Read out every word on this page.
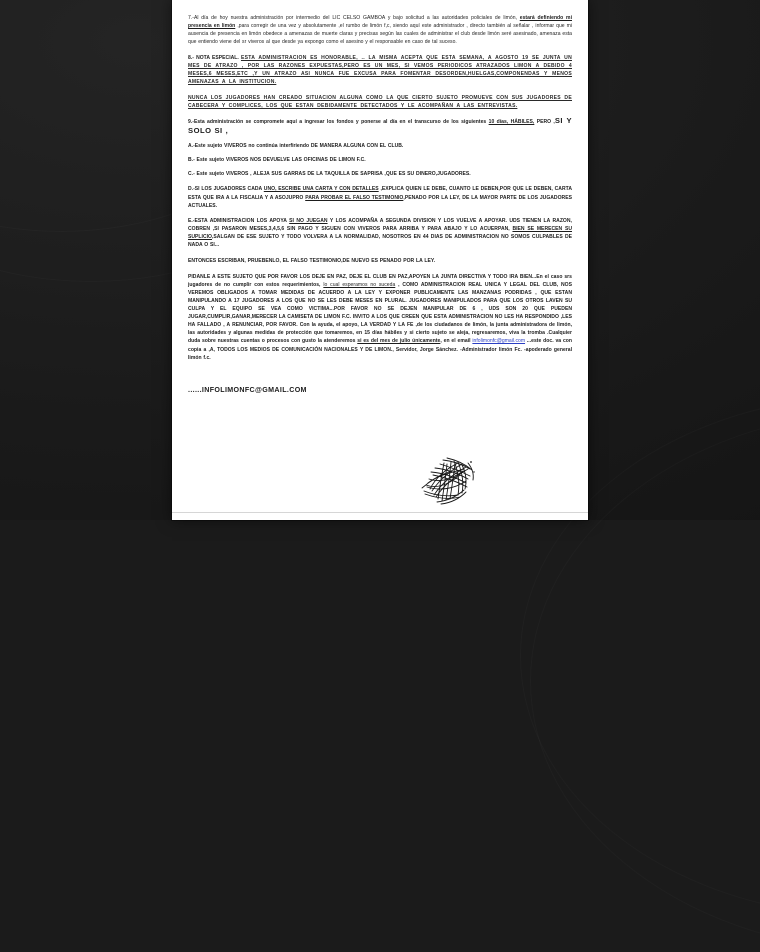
7.-Al día de hoy nuestra administración por intermedio del LIC CELSO GAMBOA y bajo solicitud a las autoridades policiales de limón, estará definiendo mi presencia en limón ,para corregir de una vez y absolutamente ,el rumbo de limón f,c, siendo aquí este administrador , directo también al señalar , informar que mi ausencia de presencia en limón obedece a amenazas de muerte claras y precisas según las cuales de administrar el club desde limón seré asesinado, amenaza esta que entiendo viene del sr viveros al que desde ya expongo como el asesino y el responsable en caso de tal suceso.

8.- NOTA ESPECIAL. ESTA ADMINISTRACION ES HONORABLE, .. LA MISMA ACEPTA QUE ESTA SEMANA, A AGOSTO 19 SE JUNTA UN MES DE ATRAZO , POR LAS RAZONES EXPUESTAS,PERO ES UN MES, SI VEMOS PERIODICOS ATRAZADOS LIMON A DEBIDO 4 MESES,6 MESES,ETC ,Y UN ATRAZO ASI NUNCA FUE EXCUSA PARA FOMENTAR DESORDEN,HUELGAS,COMPONENDAS Y MENOS AMENAZAS A LA INSTITUCION.

NUNCA LOS JUGADORES HAN CREADO SITUACION ALGUNA COMO LA QUE CIERTO SUJETO PROMUEVE CON SUS JUGADORES DE CABECERA Y COMPLICES, LOS QUE ESTAN DEBIDAMENTE DETECTADOS Y LE ACOMPAÑAN A LAS ENTREVISTAS.

9.-Esta administración se compromete aquí a ingresar los fondos y ponerse al día en el transcurso de los siguientes 10 días, HÁBILES, PERO ,SI Y SOLO SI ,

A.-Este sujeto VIVEROS no continúa interfiriendo DE MANERA ALGUNA CON EL CLUB.

B.- Este sujeto VIVEROS NOS DEVUELVE LAS OFICINAS DE LIMON F.C.

C.- Este sujeto VIVEROS , ALEJA SUS GARRAS DE LA TAQUILLA DE SAPRISA ,QUE ES SU DINERO,JUGADORES.

D.-SI LOS JUGADORES CADA UNO, ESCRIBE UNA CARTA Y CON DETALLES ,EXPLICA QUIEN LE DEBE, CUANTO LE DEBEN,POR QUE LE DEBEN, CARTA ESTA QUE IRA A LA FISCALIA Y A ASOJUPRO PARA PROBAR EL FALSO TESTIMONIO,PENADO POR LA LEY, DE LA MAYOR PARTE DE LOS JUGADORES ACTUALES.

E.-ESTA ADMINISTRACION LOS APOYA SI NO JUEGAN Y LOS ACOMPAÑA A SEGUNDA DIVISION Y LOS VUELVE A APOYAR. UDS TIENEN LA RAZON, COBREN ,SI PASARON MESES,3,4,5,6 SIN PAGO Y SIGUEN CON VIVEROS PARA ARRIBA Y PARA ABAJO Y LO ACUERPAN, BIEN SE MERECEN SU SUPLICIO,SALGAN DE ESE SUJETO Y TODO VOLVERA A LA NORMALIDAD, NOSOTROS EN 44 DIAS DE ADMINISTRACION NO SOMOS CULPABLES DE NADA O SI...

ENTONCES ESCRIBAN, PRUEBENLO, EL FALSO TESTIMONIO,DE NUEVO ES PENADO POR LA LEY.

PIDANLE A ESTE SUJETO QUE POR FAVOR LOS DEJE EN PAZ, DEJE EL CLUB EN PAZ,APOYEN LA JUNTA DIRECTIVA Y TODO IRA BIEN...En el caso srs jugadores de no cumplir con estos requerimientos, lo cual esperamos no suceda , COMO ADMINISTRACION REAL UNICA Y LEGAL DEL CLUB, NOS VEREMOS OBLIGADOS A TOMAR MEDIDAS DE ACUERDO A LA LEY Y EXPONER PUBLICAMENTE LAS MANZANAS PODRIDAS , QUE ESTAN MANIPULANDO A 17 JUGADORES A LOS QUE NO SE LES DEBE MESES EN PLURAL. JUGADORES MANIPULADOS PARA QUE LOS OTROS LAVEN SU CULPA Y EL EQUIPO SE VEA COMO VICTIMA...POR FAVOR NO SE DEJEN MANIPULAR DE 6 , UDS SON 20 QUE PUEDEN JUGAR,CUMPLIR,GANAR,MERECER LA CAMISETA DE LIMON F.C. INVITO A LOS QUE CREEN QUE ESTA ADMINISTRACION NO LES HA RESPONDIDO ,LES HA FALLADO , A RENUNCIAR, POR FAVOR. Con la ayuda, el apoyo, LA VERDAD Y LA FE ,de los ciudadanos de limón, la junta administradora de limón, las autoridades y algunas medidas de protección que tomaremos, en 15 días hábiles y si cierto sujeto se aleja, regresaremos, viva la tromba .Cualquier duda sobre nuestras cuentas o procesos con gusto la atenderemos si es del mes de julio únicamente, en el email infolimonfc@gmail.com ...este doc. va con copia a ,A, TODOS LOS MEDIOS DE COMUNICACIÓN NACIONALES Y DE LIMON., Servidor, Jorge Sánchez. -Administrador limón Fc. -apoderado general limón f.c.

......INFOLIMONFC@GMAIL.COM
